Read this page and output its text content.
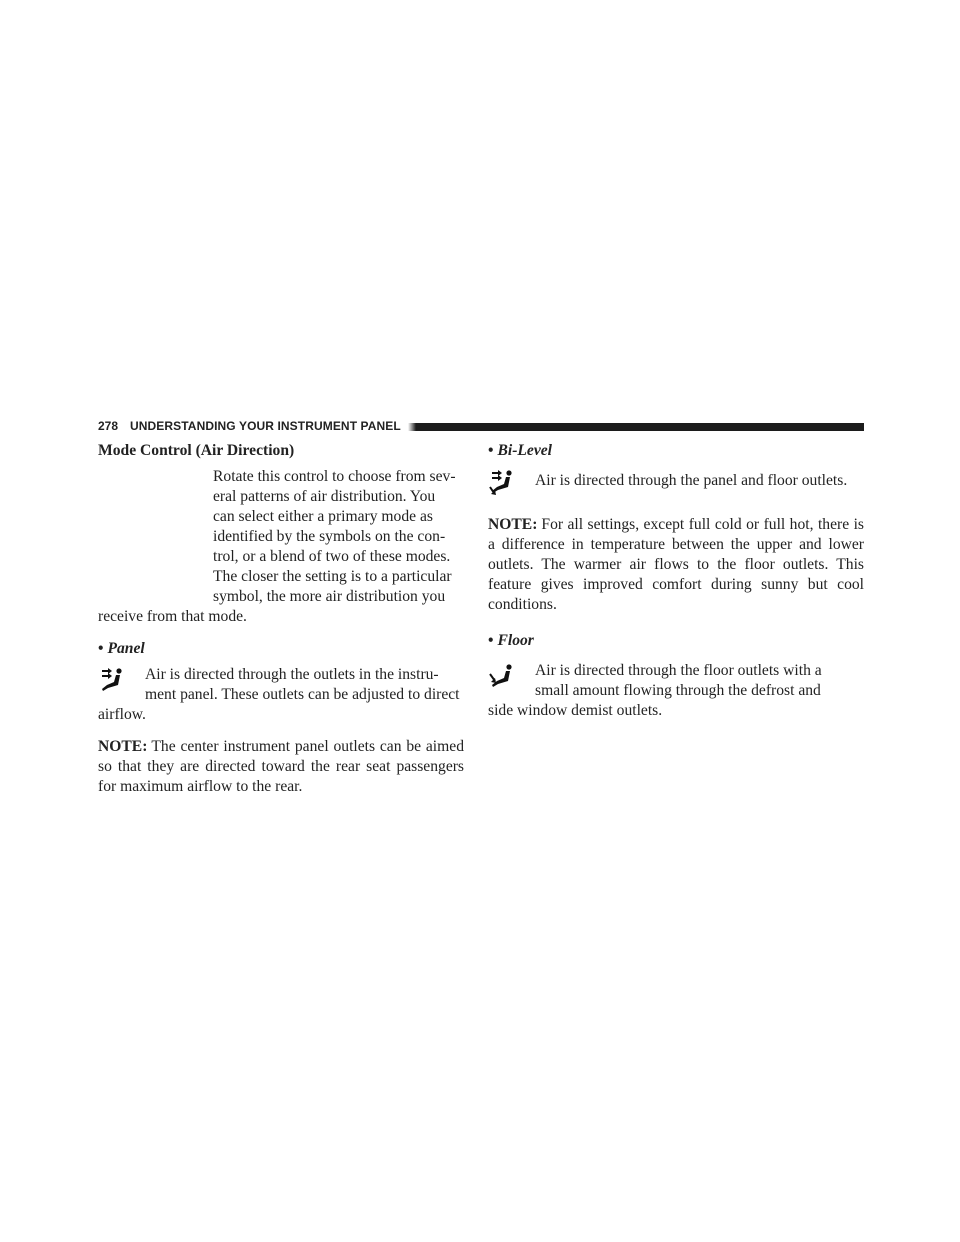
278 UNDERSTANDING YOUR INSTRUMENT PANEL
Mode Control (Air Direction)
Rotate this control to choose from sev-
eral patterns of air distribution. You
can select either a primary mode as
identified by the symbols on the con-
trol, or a blend of two of these modes.
The closer the setting is to a particular
symbol, the more air distribution you
receive from that mode.
• Panel
Air is directed through the outlets in the instru-
ment panel. These outlets can be adjusted to direct
airflow.

NOTE: The center instrument panel outlets can be aimed so that they are directed toward the rear seat passengers for maximum airflow to the rear.

• Bi-Level
Air is directed through the panel and floor outlets.

NOTE: For all settings, except full cold or full hot, there is a difference in temperature between the upper and lower outlets. The warmer air flows to the floor outlets. This feature gives improved comfort during sunny but cool conditions.

• Floor
Air is directed through the floor outlets with a
small amount flowing through the defrost and
side window demist outlets.
